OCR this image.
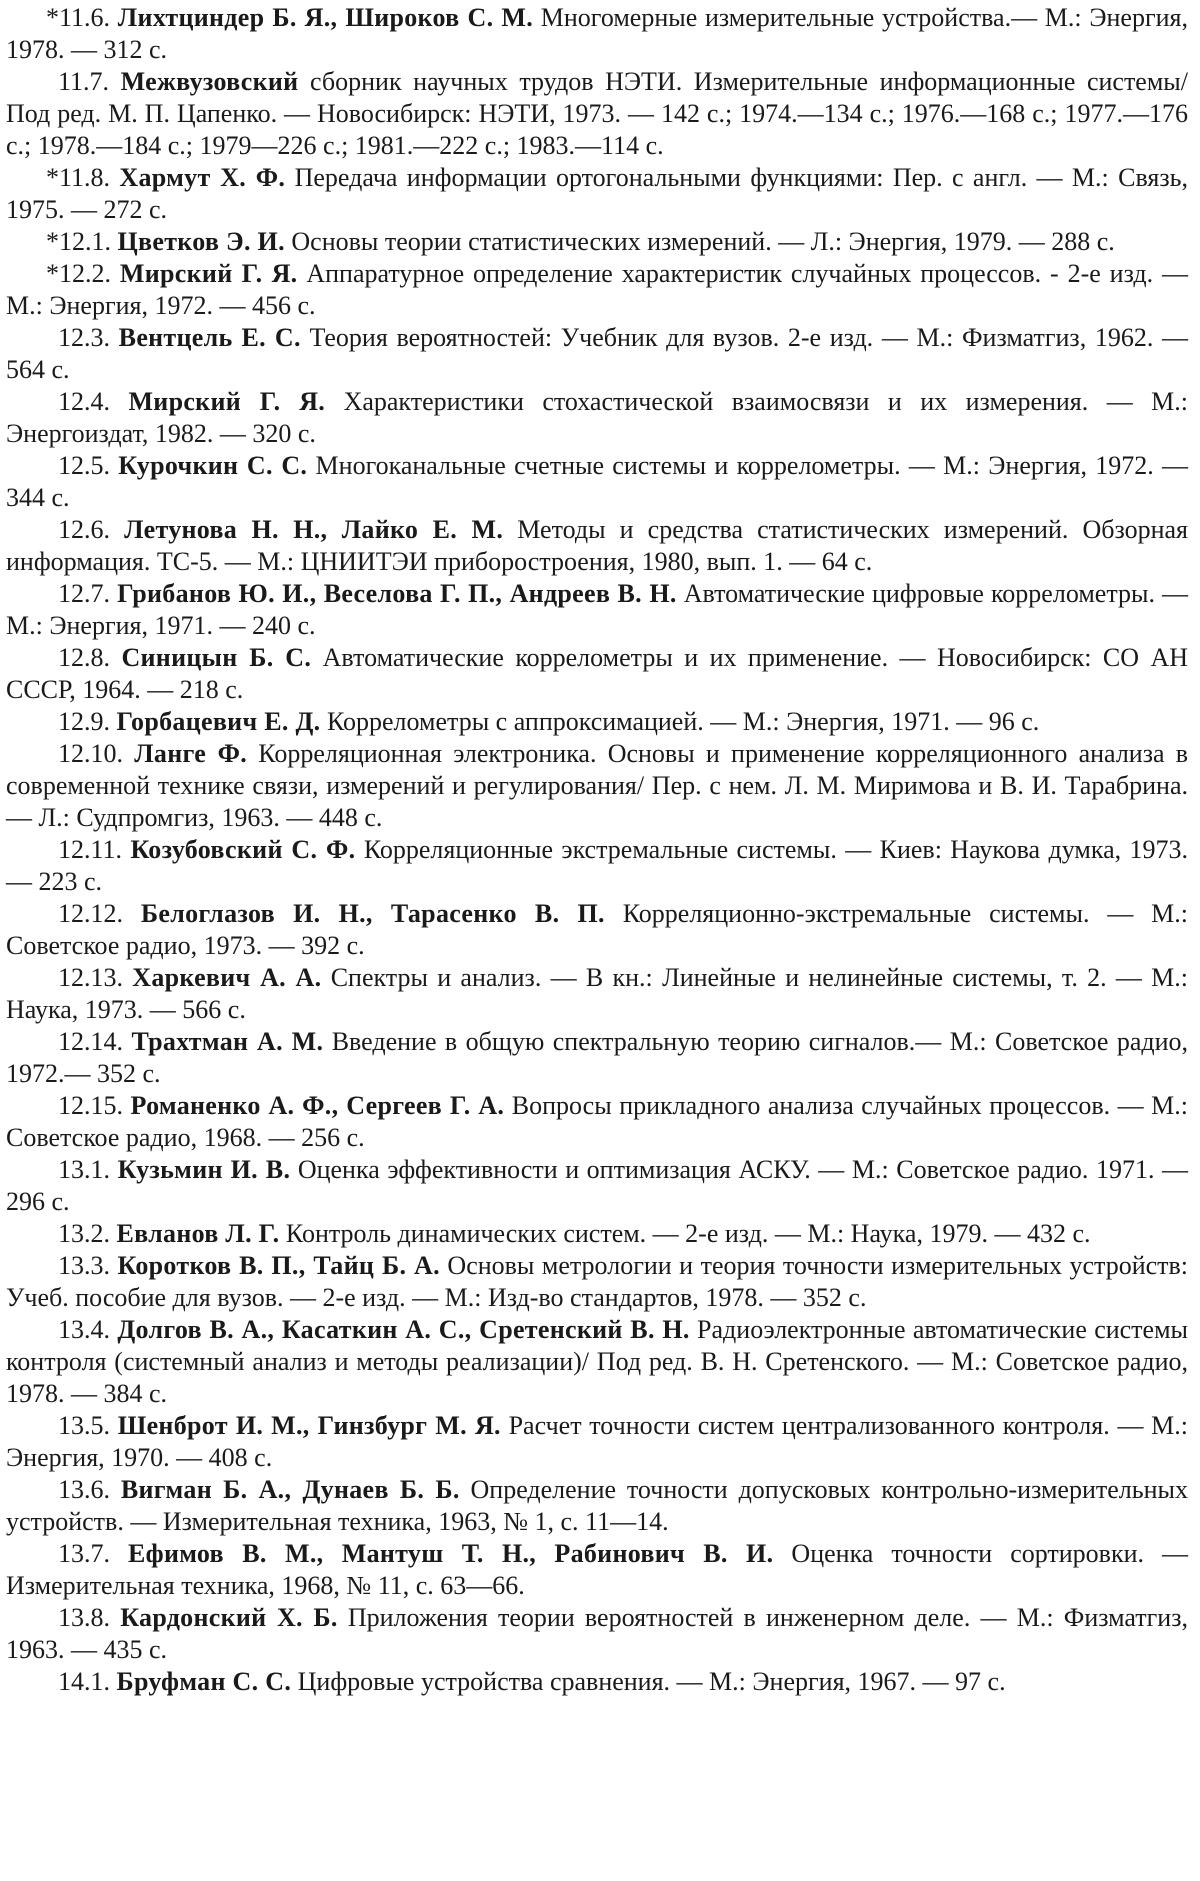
*11.6. Лихтциндер Б. Я., Широков С. М. Многомерные измерительные устройства.— М.: Энергия, 1978. — 312 с.

11.7. Межвузовский сборник научных трудов НЭТИ. Измерительные информационные системы/ Под ред. М. П. Цапенко. — Новосибирск: НЭТИ, 1973. — 142 с.; 1974.—134 с.; 1976.—168 с.; 1977.—176 с.; 1978.—184 с.; 1979—226 с.; 1981.—222 с.; 1983.—114 с.

*11.8. Хармут Х. Ф. Передача информации ортогональными функциями: Пер. с англ. — М.: Связь, 1975. — 272 с.

*12.1. Цветков Э. И. Основы теории статистических измерений. — Л.: Энергия, 1979. — 288 с.

*12.2. Мирский Г. Я. Аппаратурное определение характеристик случайных процессов. - 2-е изд. — М.: Энергия, 1972. — 456 с.

12.3. Вентцель Е. С. Теория вероятностей: Учебник для вузов. 2-е изд. — М.: Физматгиз, 1962. — 564 с.

12.4. Мирский Г. Я. Характеристики стохастической взаимосвязи и их измерения. — М.: Энергоиздат, 1982. — 320 с.

12.5. Курочкин С. С. Многоканальные счетные системы и коррелометры. — М.: Энергия, 1972. — 344 с.

12.6. Летунова Н. Н., Лайко Е. М. Методы и средства статистических измерений. Обзорная информация. ТС-5. — М.: ЦНИИТЭИ приборостроения, 1980, вып. 1. — 64 с.

12.7. Грибанов Ю. И., Веселова Г. П., Андреев В. Н. Автоматические цифровые коррелометры. — М.: Энергия, 1971. — 240 с.

12.8. Синицын Б. С. Автоматические коррелометры и их применение. — Новосибирск: СО АН СССР, 1964. — 218 с.

12.9. Горбацевич Е. Д. Коррелометры с аппроксимацией. — М.: Энергия, 1971. — 96 с.

12.10. Ланге Ф. Корреляционная электроника. Основы и применение корреляционного анализа в современной технике связи, измерений и регулирования/ Пер. с нем. Л. М. Миримова и В. И. Тарабрина. — Л.: Судпромгиз, 1963. — 448 с.

12.11. Козубовский С. Ф. Корреляционные экстремальные системы. — Киев: Наукова думка, 1973. — 223 с.

12.12. Белоглазов И. Н., Тарасенко В. П. Корреляционно-экстремальные системы. — М.: Советское радио, 1973. — 392 с.

12.13. Харкевич А. А. Спектры и анализ. — В кн.: Линейные и нелинейные системы, т. 2. — М.: Наука, 1973. — 566 с.

12.14. Трахтман А. М. Введение в общую спектральную теорию сигналов.— М.: Советское радио, 1972.— 352 с.

12.15. Романенко А. Ф., Сергеев Г. А. Вопросы прикладного анализа случайных процессов. — М.: Советское радио, 1968. — 256 с.

13.1. Кузьмин И. В. Оценка эффективности и оптимизация АСКУ. — М.: Советское радио. 1971. — 296 с.

13.2. Евланов Л. Г. Контроль динамических систем. — 2-е изд. — М.: Наука, 1979. — 432 с.

13.3. Коротков В. П., Тайц Б. А. Основы метрологии и теория точности измерительных устройств: Учеб. пособие для вузов. — 2-е изд. — М.: Изд-во стандартов, 1978. — 352 с.

13.4. Долгов В. А., Касаткин А. С., Сретенский В. Н. Радиоэлектронные автоматические системы контроля (системный анализ и методы реализации)/ Под ред. В. Н. Сретенского. — М.: Советское радио, 1978. — 384 с.

13.5. Шенброт И. М., Гинзбург М. Я. Расчет точности систем централизованного контроля. — М.: Энергия, 1970. — 408 с.

13.6. Вигман Б. А., Дунаев Б. Б. Определение точности допусковых контрольно-измерительных устройств. — Измерительная техника, 1963, № 1, с. 11—14.

13.7. Ефимов В. М., Мантуш Т. Н., Рабинович В. И. Оценка точности сортировки. — Измерительная техника, 1968, № 11, с. 63—66.

13.8. Кардонский Х. Б. Приложения теории вероятностей в инженерном деле. — М.: Физматгиз, 1963. — 435 с.

14.1. Бруфман С. С. Цифровые устройства сравнения. — М.: Энергия, 1967. — 97 с.
